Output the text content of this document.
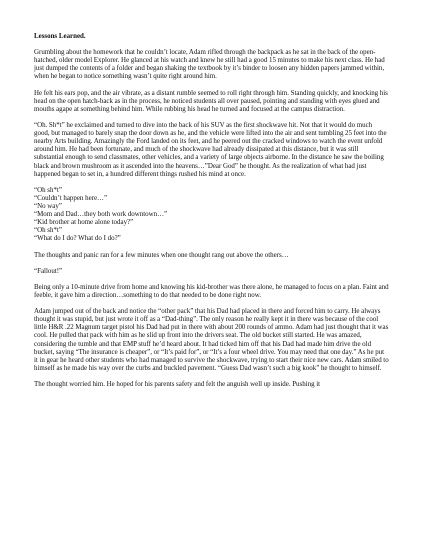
Lessons Learned.

Grumbling about the homework that he couldn’t locate, Adam rifled through the backpack as he sat in the back of the open-hatched, older model Explorer. He glanced at his watch and knew he still had a good 15 minutes to make his next class. He had just dumped the contents of a folder and began shaking the textbook by it’s binder to loosen any hidden papers jammed within, when he began to notice something wasn’t quite right around him.

He felt his ears pop, and the air vibrate, as a distant rumble seemed to roll right through him. Standing quickly, and knocking his head on the open hatch-back as in the process, he noticed students all over paused, pointing and standing with eyes glued and mouths agape at something behind him. While rubbing his head he turned and focused at the campus distraction.

“Oh. Sh*t” he exclaimed and turned to dive into the back of his SUV as the first shockwave hit. Not that it would do much good, but managed to barely snap the door down as he, and the vehicle were lifted into the air and sent tumbling 25 feet into the nearby Arts building. Amazingly the Ford landed on its feet, and he peered out the cracked windows to watch the event unfold around him. He had been fortunate, and much of the shockwave had already dissipated at this distance, but it was still substantial enough to send classmates, other vehicles, and a variety of large objects airborne. In the distance he saw the boiling black and brown mushroom as it ascended into the heavens…”Dear God” he thought. As the realization of what had just happened began to set in, a hundred different things rushed his mind at once.

“Oh sh*t”
“Couldn’t happen here…”
“No way”
“Mom and Dad…they both work downtown…”
“Kid brother at home alone today?”
“Oh sh*t”
“What do I do? What do I do?”

The thoughts and panic ran for a few minutes when one thought rang out above the others…

“Fallout!”

Being only a 10-minute drive from home and knowing his kid-brother was there alone, he managed to focus on a plan. Faint and feeble, it gave him a direction…something to do that needed to be done right now.

Adam jumped out of the back and notice the “other pack” that his Dad had placed in there and forced him to carry. He always thought it was stupid, but just wrote it off as a “Dad-thing”. The only reason he really kept it in there was because of the cool little H&R .22 Magnum target pistol his Dad had put in there with about 200 rounds of ammo. Adam had just thought that it was cool. He pulled that pack with him as he slid up front into the drivers seat. The old bucket still started. He was amazed, considering the tumble and that EMP stuff he’d heard about. It had ticked him off that his Dad had made him drive the old bucket, saying “The insurance is cheaper”, or “It’s paid for”, or “It’s a four wheel drive. You may need that one day.” As he put it in gear he heard other students who had managed to survive the shockwave, trying to start their nice new cars. Adam smiled to himself as he made his way over the curbs and buckled pavement. “Guess Dad wasn’t such a big kook” he thought to himself.

The thought worried him. He hoped for his parents safety and felt the anguish well up inside. Pushing it
